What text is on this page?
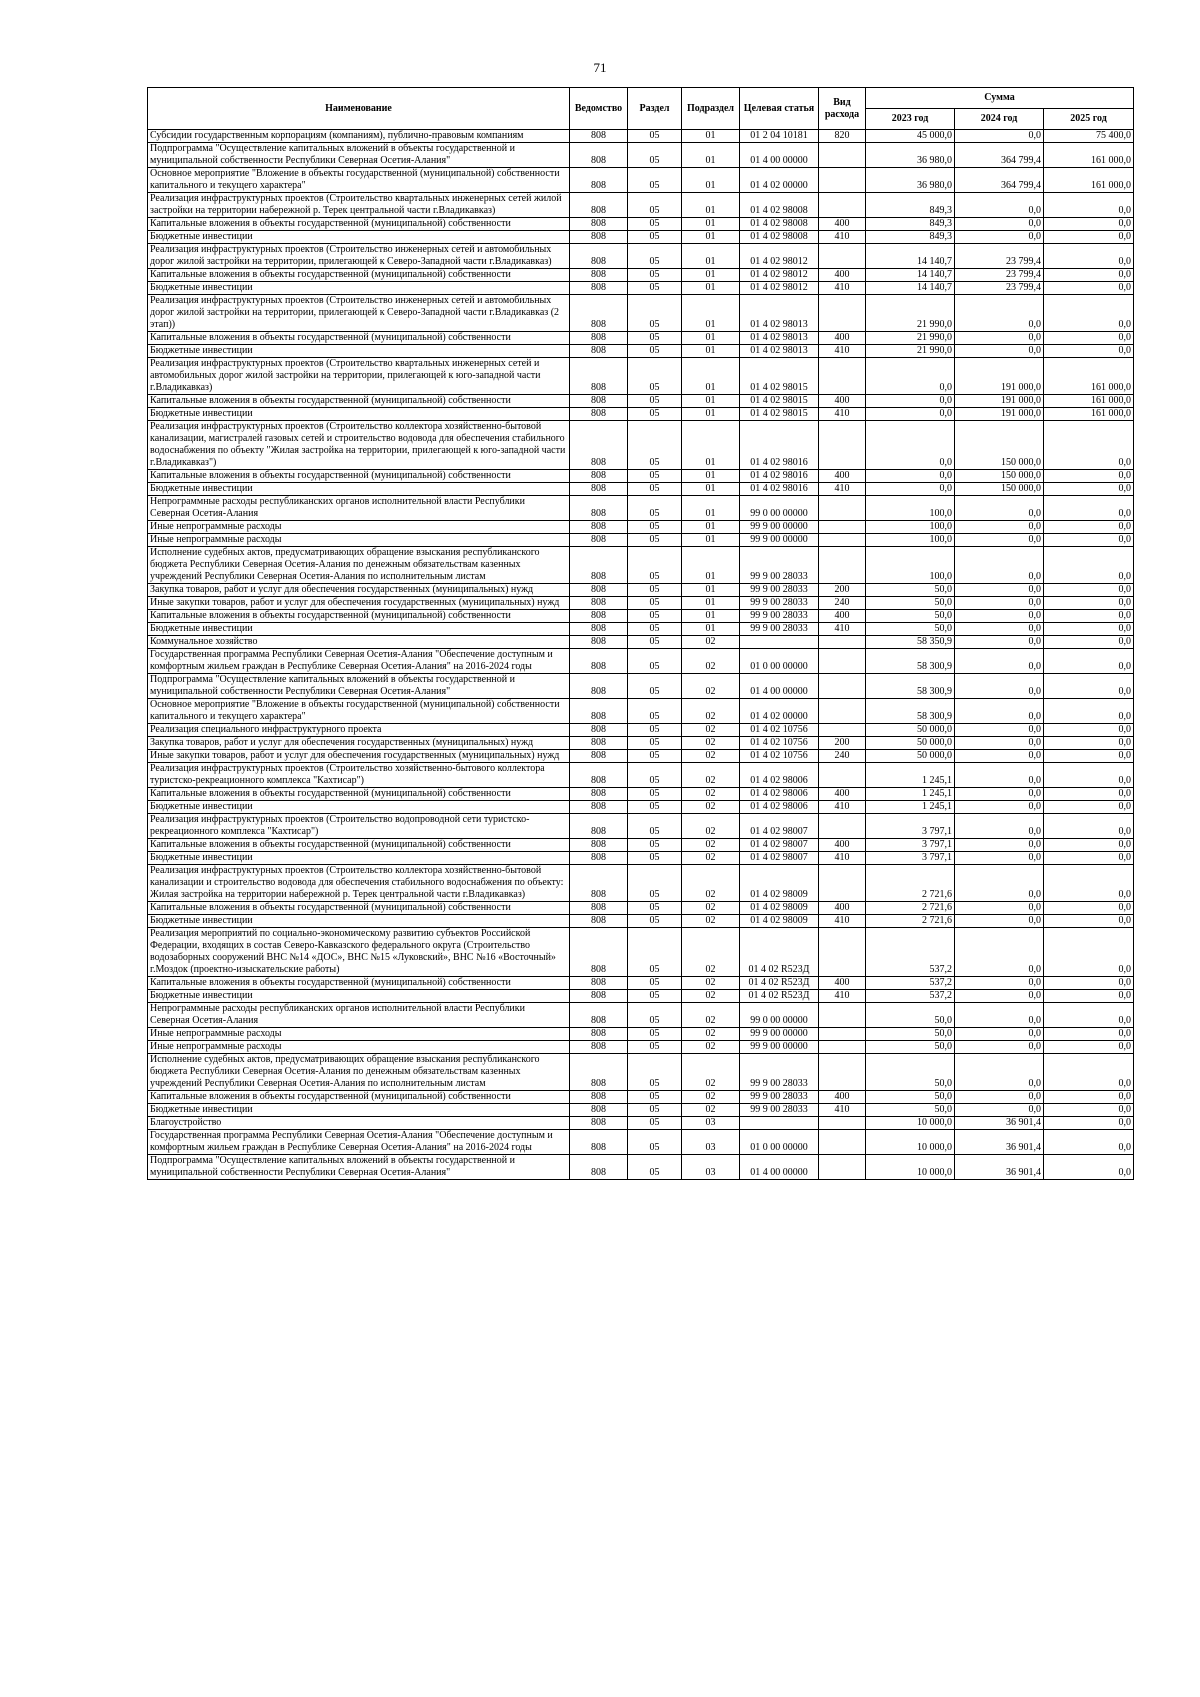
71
Наименование	Ведомство	Раздел	Подраздел	Целевая статья	Вид расхода	Сумма		
						2023 год	2024 год	2025 год
Субсидии государственным корпорациям (компаниям), публично-правовым компаниям	808	05	01	01 2 04 10181	820	45 000,0	0,0	75 400,0
Подпрограмма "Осуществление капитальных вложений в объекты государственной и муниципальной собственности Республики Северная Осетия-Алания"	808	05	01	01 4 00 00000		36 980,0	364 799,4	161 000,0
Основное мероприятие "Вложение в объекты государственной (муниципальной) собственности капитального и текущего характера"	808	05	01	01 4 02 00000		36 980,0	364 799,4	161 000,0
Реализация инфраструктурных проектов (Строительство квартальных инженерных сетей жилой застройки на территории набережной р. Терек центральной части г.Владикавказ)	808	05	01	01 4 02 98008		849,3	0,0	0,0
Капитальные вложения в объекты государственной (муниципальной) собственности	808	05	01	01 4 02 98008	400	849,3	0,0	0,0
Бюджетные инвестиции	808	05	01	01 4 02 98008	410	849,3	0,0	0,0
Реализация инфраструктурных проектов (Строительство инженерных сетей и автомобильных дорог жилой застройки на территории, прилегающей к Северо-Западной части г.Владикавказ)	808	05	01	01 4 02 98012		14 140,7	23 799,4	0,0
Капитальные вложения в объекты государственной (муниципальной) собственности	808	05	01	01 4 02 98012	400	14 140,7	23 799,4	0,0
Бюджетные инвестиции	808	05	01	01 4 02 98012	410	14 140,7	23 799,4	0,0
Реализация инфраструктурных проектов (Строительство инженерных сетей и автомобильных дорог жилой застройки на территории, прилегающей к Северо-Западной части г.Владикавказ (2 этап))	808	05	01	01 4 02 98013		21 990,0	0,0	0,0
Капитальные вложения в объекты государственной (муниципальной) собственности	808	05	01	01 4 02 98013	400	21 990,0	0,0	0,0
Бюджетные инвестиции	808	05	01	01 4 02 98013	410	21 990,0	0,0	0,0
Реализация инфраструктурных проектов (Строительство квартальных инженерных сетей и автомобильных дорог жилой застройки на территории, прилегающей к юго-западной части г.Владикавказ)	808	05	01	01 4 02 98015		0,0	191 000,0	161 000,0
Капитальные вложения в объекты государственной (муниципальной) собственности	808	05	01	01 4 02 98015	400	0,0	191 000,0	161 000,0
Бюджетные инвестиции	808	05	01	01 4 02 98015	410	0,0	191 000,0	161 000,0
Реализация инфраструктурных проектов (Строительство коллектора хозяйственно-бытовой канализации, магистралей газовых сетей и строительство водовода для обеспечения стабильного водоснабжения по объекту "Жилая застройка на территории, прилегающей к юго-западной части г.Владикавказ")	808	05	01	01 4 02 98016		0,0	150 000,0	0,0
Капитальные вложения в объекты государственной (муниципальной) собственности	808	05	01	01 4 02 98016	400	0,0	150 000,0	0,0
Бюджетные инвестиции	808	05	01	01 4 02 98016	410	0,0	150 000,0	0,0
Непрограммные расходы республиканских органов исполнительной власти Республики Северная Осетия-Алания	808	05	01	99 0 00 00000		100,0	0,0	0,0
Иные непрограммные расходы	808	05	01	99 9 00 00000		100,0	0,0	0,0
Иные непрограммные расходы	808	05	01	99 9 00 00000		100,0	0,0	0,0
Исполнение судебных актов, предусматривающих обращение взыскания республиканского бюджета Республики Северная Осетия-Алания по денежным обязательствам казенных учреждений Республики Северная Осетия-Алания по исполнительным листам	808	05	01	99 9 00 28033		100,0	0,0	0,0
Закупка товаров, работ и услуг для обеспечения государственных (муниципальных) нужд	808	05	01	99 9 00 28033	200	50,0	0,0	0,0
Иные закупки товаров, работ и услуг для обеспечения государственных (муниципальных) нужд	808	05	01	99 9 00 28033	240	50,0	0,0	0,0
Капитальные вложения в объекты государственной (муниципальной) собственности	808	05	01	99 9 00 28033	400	50,0	0,0	0,0
Бюджетные инвестиции	808	05	01	99 9 00 28033	410	50,0	0,0	0,0
Коммунальное хозяйство	808	05	02			58 350,9	0,0	0,0
Государственная программа Республики Северная Осетия-Алания "Обеспечение доступным и комфортным жильем граждан в Республике Северная Осетия-Алания" на 2016-2024 годы	808	05	02	01 0 00 00000		58 300,9	0,0	0,0
Подпрограмма "Осуществление капитальных вложений в объекты государственной и муниципальной собственности Республики Северная Осетия-Алания"	808	05	02	01 4 00 00000		58 300,9	0,0	0,0
Основное мероприятие "Вложение в объекты государственной (муниципальной) собственности капитального и текущего характера"	808	05	02	01 4 02 00000		58 300,9	0,0	0,0
Реализация специального инфраструктурного проекта	808	05	02	01 4 02 10756		50 000,0	0,0	0,0
Закупка товаров, работ и услуг для обеспечения государственных (муниципальных) нужд	808	05	02	01 4 02 10756	200	50 000,0	0,0	0,0
Иные закупки товаров, работ и услуг для обеспечения государственных (муниципальных) нужд	808	05	02	01 4 02 10756	240	50 000,0	0,0	0,0
Реализация инфраструктурных проектов (Строительство хозяйственно-бытового коллектора туристско-рекреационного комплекса "Кахтисар")	808	05	02	01 4 02 98006		1 245,1	0,0	0,0
Капитальные вложения в объекты государственной (муниципальной) собственности	808	05	02	01 4 02 98006	400	1 245,1	0,0	0,0
Бюджетные инвестиции	808	05	02	01 4 02 98006	410	1 245,1	0,0	0,0
Реализация инфраструктурных проектов (Строительство водопроводной сети туристско-рекреационного комплекса "Кахтисар")	808	05	02	01 4 02 98007		3 797,1	0,0	0,0
Капитальные вложения в объекты государственной (муниципальной) собственности	808	05	02	01 4 02 98007	400	3 797,1	0,0	0,0
Бюджетные инвестиции	808	05	02	01 4 02 98007	410	3 797,1	0,0	0,0
Реализация инфраструктурных проектов (Строительство коллектора хозяйственно-бытовой канализации и строительство водовода для обеспечения стабильного водоснабжения по объекту: Жилая застройка на территории набережной р. Терек центральной части г.Владикавказ)	808	05	02	01 4 02 98009		2 721,6	0,0	0,0
Капитальные вложения в объекты государственной (муниципальной) собственности	808	05	02	01 4 02 98009	400	2 721,6	0,0	0,0
Бюджетные инвестиции	808	05	02	01 4 02 98009	410	2 721,6	0,0	0,0
Реализация мероприятий по социально-экономическому развитию субъектов Российской Федерации, входящих в состав Северо-Кавказского федерального округа (Строительство водозаборных сооружений ВНС №14 «ДОС», ВНС №15 «Луковский», ВНС №16 «Восточный» г.Моздок (проектно-изыскательские работы)	808	05	02	01 4 02 R523Д		537,2	0,0	0,0
Капитальные вложения в объекты государственной (муниципальной) собственности	808	05	02	01 4 02 R523Д	400	537,2	0,0	0,0
Бюджетные инвестиции	808	05	02	01 4 02 R523Д	410	537,2	0,0	0,0
Непрограммные расходы республиканских органов исполнительной власти Республики Северная Осетия-Алания	808	05	02	99 0 00 00000		50,0	0,0	0,0
Иные непрограммные расходы	808	05	02	99 9 00 00000		50,0	0,0	0,0
Иные непрограммные расходы	808	05	02	99 9 00 00000		50,0	0,0	0,0
Исполнение судебных актов, предусматривающих обращение взыскания республиканского бюджета Республики Северная Осетия-Алания по денежным обязательствам казенных учреждений Республики Северная Осетия-Алания по исполнительным листам	808	05	02	99 9 00 28033		50,0	0,0	0,0
Капитальные вложения в объекты государственной (муниципальной) собственности	808	05	02	99 9 00 28033	400	50,0	0,0	0,0
Бюджетные инвестиции	808	05	02	99 9 00 28033	410	50,0	0,0	0,0
Благоустройство	808	05	03			10 000,0	36 901,4	0,0
Государственная программа Республики Северная Осетия-Алания "Обеспечение доступным и комфортным жильем граждан в Республике Северная Осетия-Алания" на 2016-2024 годы	808	05	03	01 0 00 00000		10 000,0	36 901,4	0,0
Подпрограмма "Осуществление капитальных вложений в объекты государственной и муниципальной собственности Республики Северная Осетия-Алания"	808	05	03	01 4 00 00000		10 000,0	36 901,4	0,0
